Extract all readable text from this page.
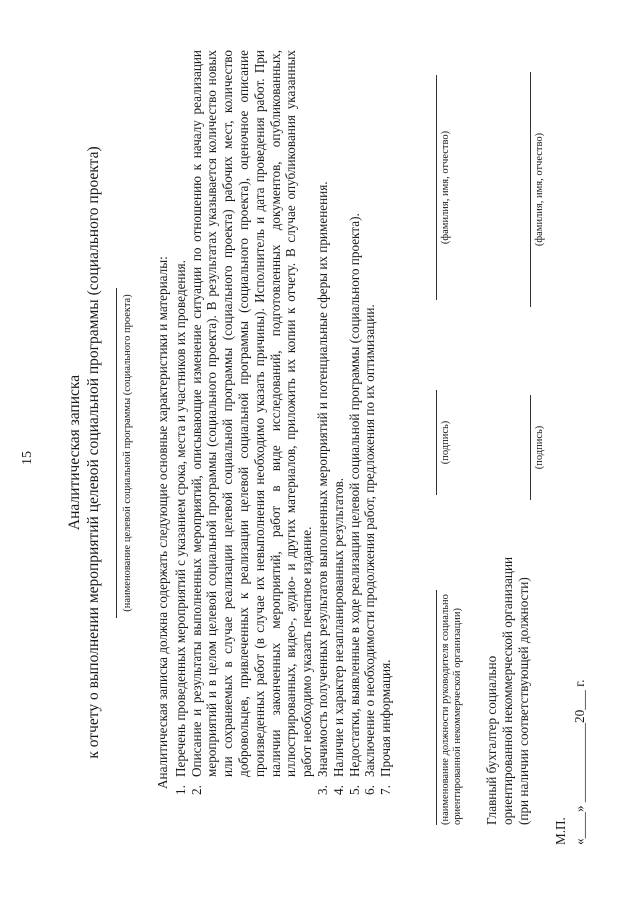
15 Аналитическая записка к отчету о выполнении мероприятий целевой социальной программы (социального проекта) (наименование целевой социальной программы (социального проекта) Аналитическая записка должна содержать следующие основные характеристики и материалы:
1.
Перечень проведенных мероприятий с указанием срока, места и участников их проведения.
2.
Описание и результаты выполненных мероприятий, описывающие изменение ситуации по отношению к началу реализации мероприятий и в целом целевой социальной программы (социального проекта). В результатах указывается количество новых или сохраняемых в случае реализации целевой социальной программы (социального проекта) рабочих мест, количество добровольцев, привлеченных к реализации целевой социальной программы (социального проекта), оценочное описание произведенных работ (в случае их невыполнения необходимо указать причины). Исполнитель и дата проведения работ. При наличии законченных мероприятий, работ в виде исследований, подготовленных документов, опубликованных, иллюстрированных, видео-, аудио- и других материалов, приложить их копии к отчету. В случае опубликования указанных работ необходимо указать печатное издание.
3.
Значимость полученных результатов выполненных мероприятий и потенциальные сферы их применения.
4.
Наличие и характер незапланированных результатов.
5.
Недостатки, выявленные в ходе реализации целевой социальной программы (социального проекта).
6.
Заключение о необходимости продолжения работ, предложения по их оптимизации.
7.
Прочая информация.	(наименование должности руководителя социально ориентированной некоммерческой организации)
(подпись)
(фамилия, имя, отчество)
Главный бухгалтер социально ориентированной некоммерческой организации (при наличии соответствующей должности)
(подпись)
(фамилия, имя, отчество)
М.П. «____» ____________20___ г.
